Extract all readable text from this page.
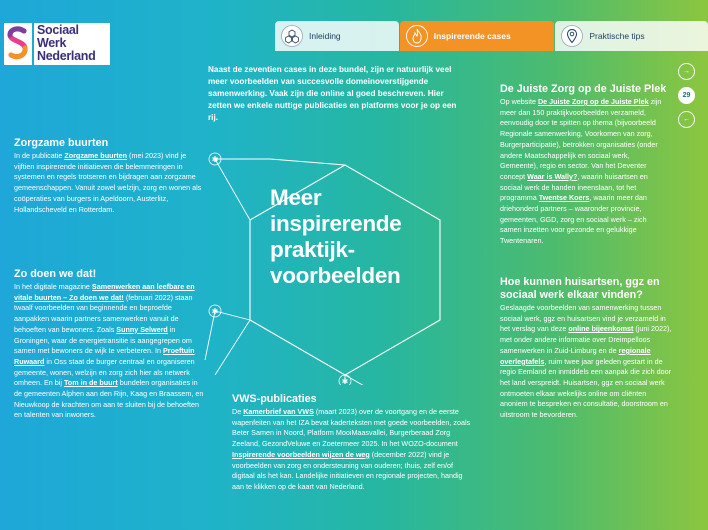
Sociaal
Werk
Nederland
Inleiding	Inspirerende cases	Praktische tips
→
29
←
Naast de zeventien cases in deze bundel, zijn er natuurlijk veel meer voorbeelden van succesvolle domeinoverstijgende samenwerking. Vaak zijn die online al goed beschreven. Hier zetten we enkele nuttige publicaties en platforms voor je op een rij.
✱
✱
✱
Meer
inspirerende
praktijk-
voorbeelden
Zorgzame buurten

In de publicatie Zorgzame buurten (mei 2023) vind je vijftien inspirerende initiatieven die belemmeringen in systemen en regels trotseren en bijdragen aan zorgzame gemeenschappen. Vanuit zowel welzijn, zorg en wonen als coöperaties van burgers in Apeldoorn, Austerlitz, Hollandscheveld en Rotterdam.

Zo doen we dat!

In het digitale magazine Samenwerken aan leefbare en vitale buurten – Zo doen we dat! (februari 2022) staan twaalf voorbeelden van beginnende en beproefde aanpakken waarin partners samenwerken vanuit de behoeften van bewoners. Zoals Sunny Selwerd in Groningen, waar de energietransitie is aangegrepen om samen met bewoners de wijk te verbeteren. In Proeftuin Ruwaard in Oss staat de burger centraal en organiseren gemeente, wonen, welzijn en zorg zich hier als netwerk omheen. En bij Tom in de buurt bundelen organisaties in de gemeenten Alphen aan den Rijn, Kaag en Braassem, en Nieuwkoop de krachten om aan te sluiten bij de behoeften en talenten van inwoners.

VWS-publicaties

De Kamerbrief van VWS (maart 2023) over de voortgang en de eerste wapenfeiten van het IZA bevat kaderteksten met goede voorbeelden, zoals Beter Samen in Noord, Platform MooiMaasvallei, Burgerberaad Zorg Zeeland, GezondVeluwe en Zoetermeer 2025. In het WOZO-document Inspirerende voorbeelden wijzen de weg (december 2022) vind je voorbeelden van zorg en ondersteuning van ouderen; thuis, zelf en/of digitaal als het kan. Landelijke initiatieven en regionale projecten, handig aan te klikken op de kaart van Nederland.

De Juiste Zorg op de Juiste Plek

Op website De Juiste Zorg op de Juiste Plek zijn meer dan 150 praktijkvoorbeelden verzameld, eenvoudig door te spitten op thema (bijvoorbeeld Regionale samenwerking, Voorkomen van zorg, Burgerparticipatie), betrokken organisaties (onder andere Maatschappelijk en sociaal werk, Gemeente), regio en sector. Van het Deventer concept Waar is Wally?, waarin huisartsen en sociaal werk de handen ineenslaan, tot het programma Twentse Koers, waarin meer dan driehonderd partners – waaronder provincie, gemeenten, GGD, zorg en sociaal werk – zich samen inzetten voor gezonde en gelukkige Twentenaren.

Hoe kunnen huisartsen, ggz en sociaal werk elkaar vinden?

Geslaagde voorbeelden van samenwerking tussen sociaal werk, ggz en huisartsen vind je verzameld in het verslag van deze online bijeenkomst (juni 2022), met onder andere informatie over Dreimpelloos samenwerken in Zuid-Limburg en de regionale overlegtafels, ruim twee jaar geleden gestart in de regio Eemland en inmiddels een aanpak die zich door het land verspreidt. Huisartsen, ggz en sociaal werk ontmoeten elkaar wekelijks online om cliënten anoniem te bespreken en consultatie, doorstroom en uitstroom te bevorderen.
